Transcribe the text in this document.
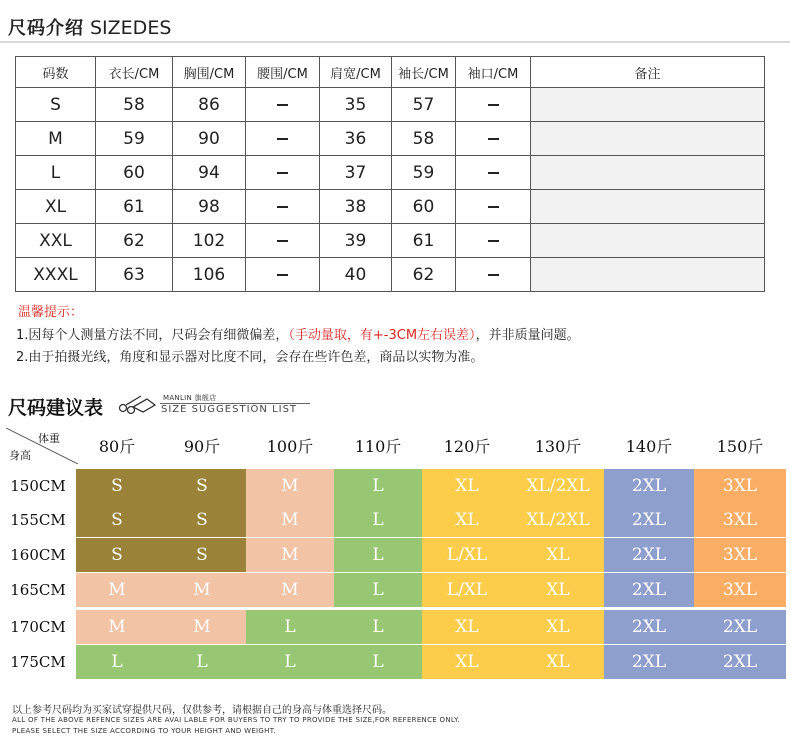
尺码介绍 SIZEDES
码数	衣长/CM	胸围/CM	腰围/CM	肩宽/CM	袖长/CM	袖口/CM	备注
S	58	86		35	57		
M	59	90		36	58		
L	60	94		37	59		
XL	61	98		38	60		
XXL	62	102		39	61		
XXXL	63	106		40	62		
温馨提示：
1.因每个人测量方法不同，尺码会有细微偏差，（手动量取，有+-3CM左右误差），并非质量问题。
2.由于拍摄光线，角度和显示器对比度不同，会存在些许色差，商品以实物为准。
尺码建议表	MANLIN 旗舰店
SIZE SUGGESTION LIST
体重
身高	80斤	90斤	100斤	110斤	120斤	130斤	140斤	150斤
150CM	S	S	M	L	XL	XL/2XL	2XL	3XL
155CM	S	S	M	L	XL	XL/2XL	2XL	3XL
160CM	S	S	M	L	L/XL	XL	2XL	3XL
165CM	M	M	M	L	L/XL	XL	2XL	3XL
170CM	M	M	L	L	XL	XL	2XL	2XL
175CM	L	L	L	L	XL	XL	2XL	2XL
以上参考尺码均为买家试穿提供尺码，仅供参考，请根据自己的身高与体重选择尺码。
ALL OF THE ABOVE REFENCE SIZES ARE AVAI LABLE FOR BUYERS TO TRY TO PROVIDE THE SIZE,FOR REFERENCE ONLY.
PLEASE SELECT THE SIZE ACCORDING TO YOUR HEIGHT AND WEIGHT.
